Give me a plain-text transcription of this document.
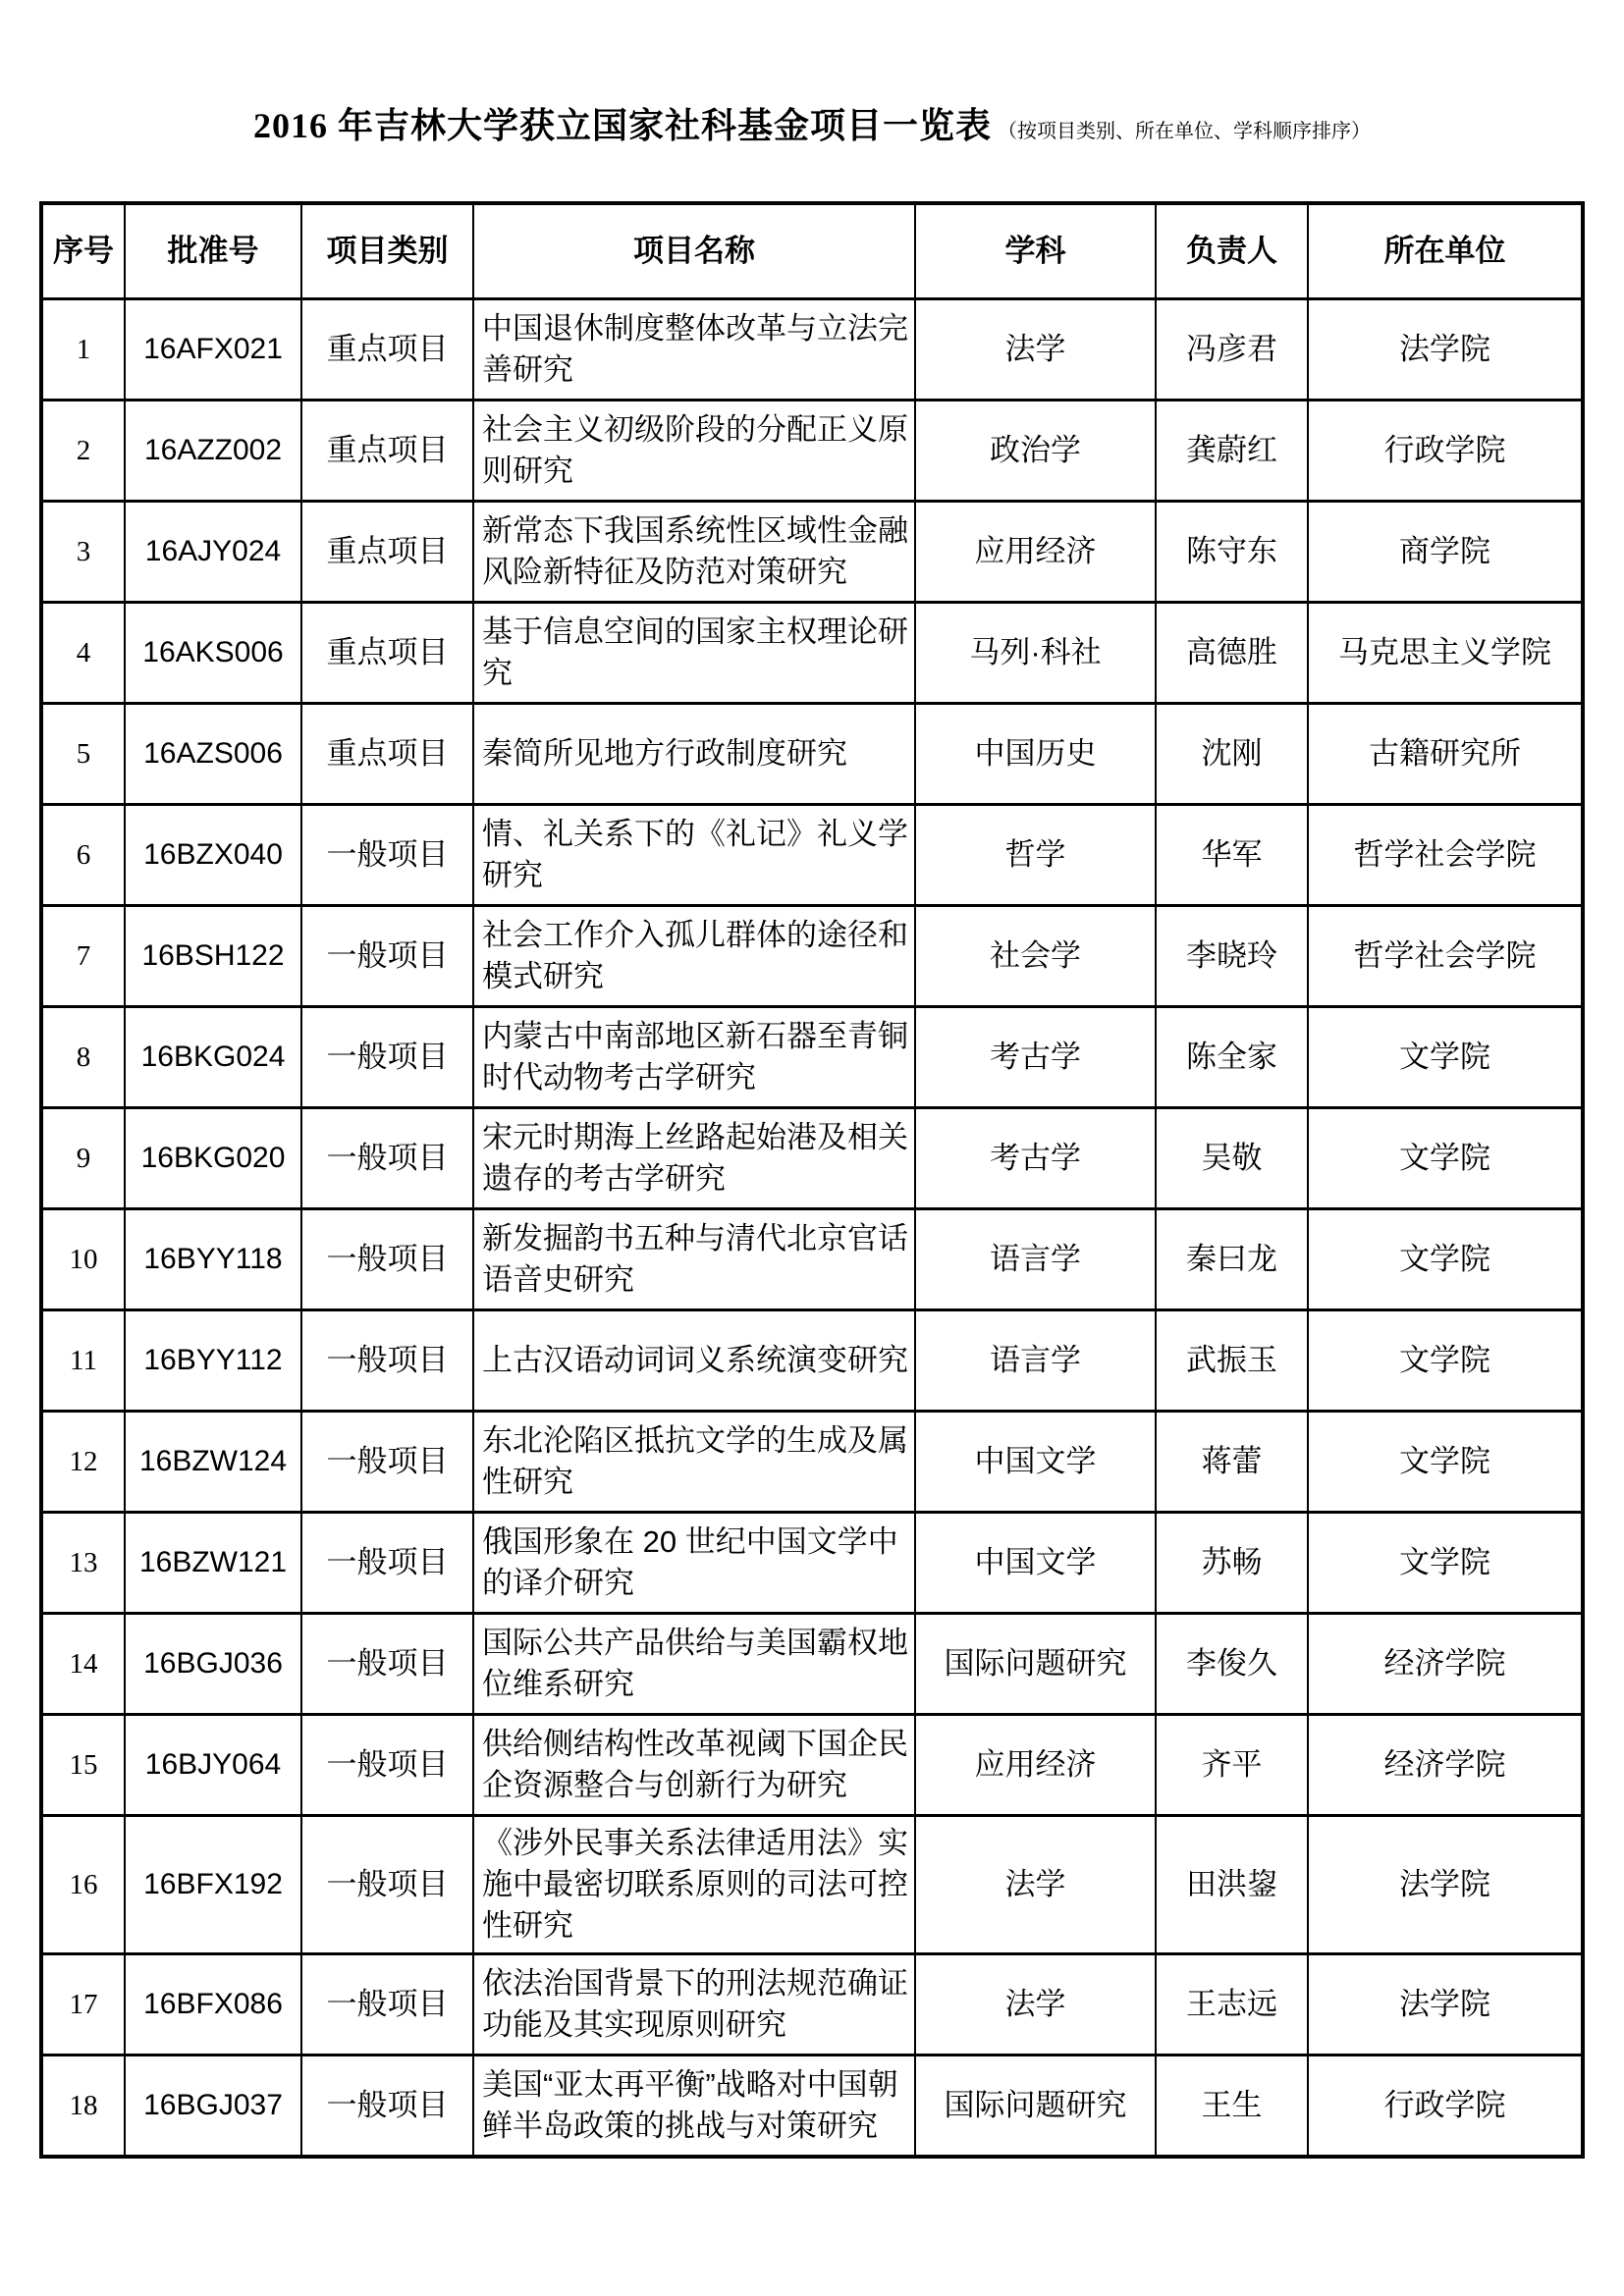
2016 年吉林大学获立国家社科基金项目一览表 （按项目类别、所在单位、学科顺序排序）
序号	批准号	项目类别	项目名称	学科	负责人	所在单位
1	16AFX021	重点项目	中国退休制度整体改革与立法完善研究	法学	冯彦君	法学院
2	16AZZ002	重点项目	社会主义初级阶段的分配正义原则研究	政治学	龚蔚红	行政学院
3	16AJY024	重点项目	新常态下我国系统性区域性金融风险新特征及防范对策研究	应用经济	陈守东	商学院
4	16AKS006	重点项目	基于信息空间的国家主权理论研究	马列·科社	高德胜	马克思主义学院
5	16AZS006	重点项目	秦简所见地方行政制度研究	中国历史	沈刚	古籍研究所
6	16BZX040	一般项目	情、礼关系下的《礼记》礼义学研究	哲学	华军	哲学社会学院
7	16BSH122	一般项目	社会工作介入孤儿群体的途径和模式研究	社会学	李晓玲	哲学社会学院
8	16BKG024	一般项目	内蒙古中南部地区新石器至青铜时代动物考古学研究	考古学	陈全家	文学院
9	16BKG020	一般项目	宋元时期海上丝路起始港及相关遗存的考古学研究	考古学	吴敬	文学院
10	16BYY118	一般项目	新发掘韵书五种与清代北京官话语音史研究	语言学	秦曰龙	文学院
11	16BYY112	一般项目	上古汉语动词词义系统演变研究	语言学	武振玉	文学院
12	16BZW124	一般项目	东北沦陷区抵抗文学的生成及属性研究	中国文学	蒋蕾	文学院
13	16BZW121	一般项目	俄国形象在 20 世纪中国文学中的译介研究	中国文学	苏畅	文学院
14	16BGJ036	一般项目	国际公共产品供给与美国霸权地位维系研究	国际问题研究	李俊久	经济学院
15	16BJY064	一般项目	供给侧结构性改革视阈下国企民企资源整合与创新行为研究	应用经济	齐平	经济学院
16	16BFX192	一般项目	《涉外民事关系法律适用法》实施中最密切联系原则的司法可控性研究	法学	田洪鋆	法学院
17	16BFX086	一般项目	依法治国背景下的刑法规范确证功能及其实现原则研究	法学	王志远	法学院
18	16BGJ037	一般项目	美国“亚太再平衡”战略对中国朝鲜半岛政策的挑战与对策研究	国际问题研究	王生	行政学院
